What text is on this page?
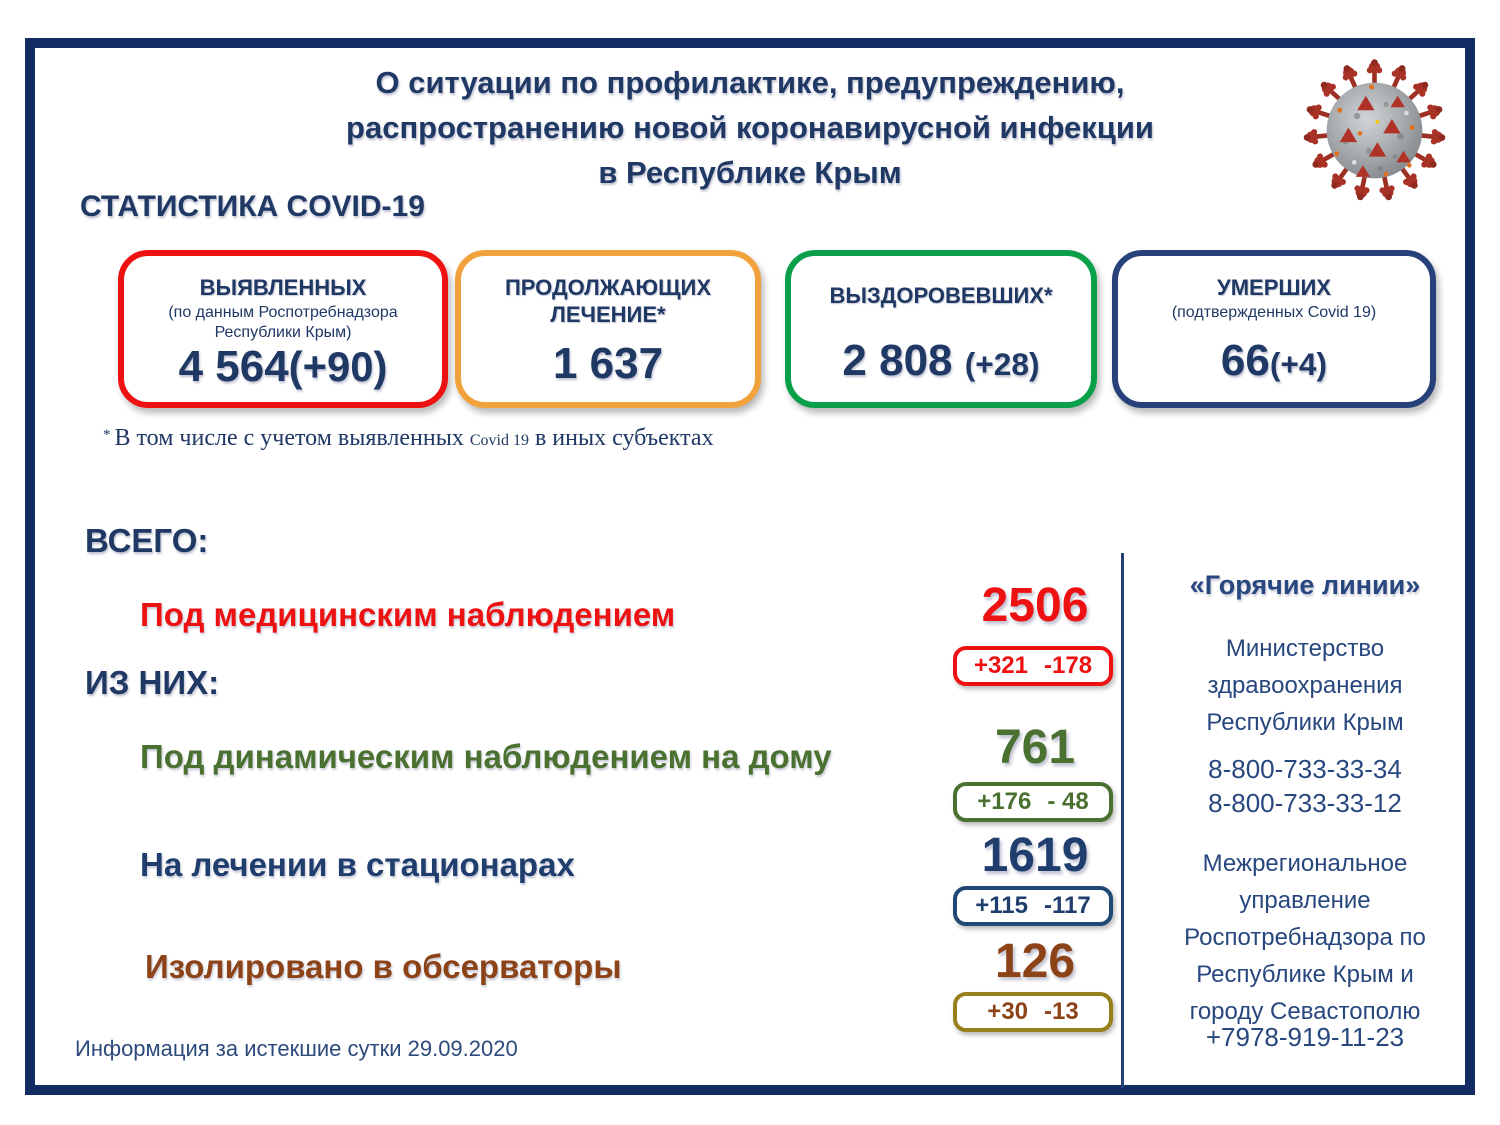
О ситуации по профилактике, предупреждению,
распространению новой коронавирусной инфекции
в Республике Крым
СТАТИСТИКА COVID-19
ВЫЯВЛЕННЫХ
(по данным Роспотребнадзора Республики Крым)
4 564(+90)
ПРОДОЛЖАЮЩИХ ЛЕЧЕНИЕ*
1 637
ВЫЗДОРОВЕВШИХ*
2 808 (+28)
УМЕРШИХ
(подтвержденных Covid 19)
66(+4)
* В том числе с учетом выявленных Covid 19 в иных субъектах
ВСЕГО:
Под медицинским наблюдением	2506
+321 -178
ИЗ НИХ:
Под динамическим наблюдением на дому	761
+176 - 48
На лечении в стационарах	1619
+115 -117
Изолировано в обсерваторы	126
+30 -13
«Горячие линии»
Министерство здравоохранения Республики Крым
8-800-733-33-34
8-800-733-33-12
Межрегиональное управление Роспотребнадзора по Республике Крым и городу Севастополю
+7978-919-11-23
Информация за истекшие сутки 29.09.2020
